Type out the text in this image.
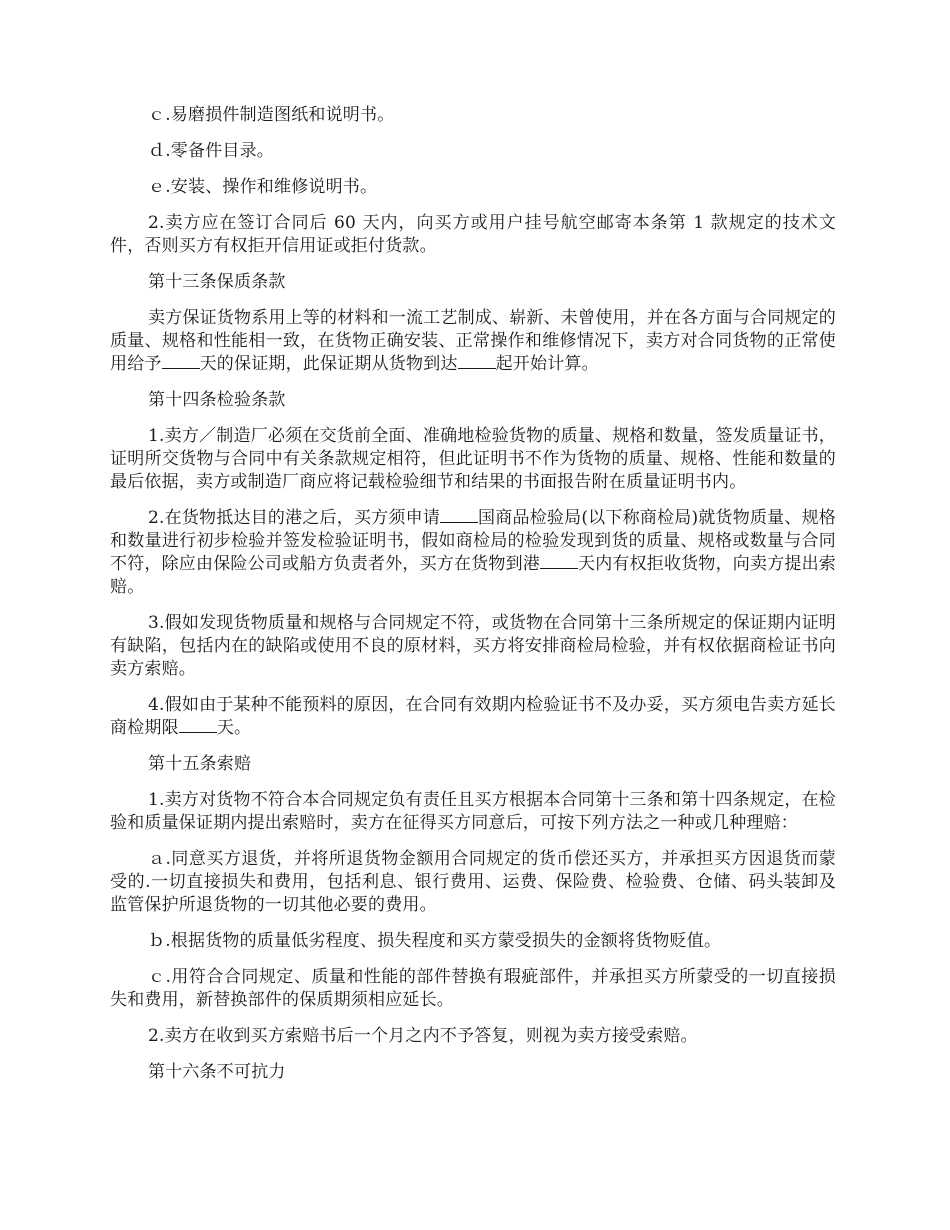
ｃ.易磨损件制造图纸和说明书。

ｄ.零备件目录。

ｅ.安装、操作和维修说明书。

2.卖方应在签订合同后 60 天内，向买方或用户挂号航空邮寄本条第 1 款规定的技术文件，否则买方有权拒开信用证或拒付货款。

第十三条保质条款

卖方保证货物系用上等的材料和一流工艺制成、崭新、未曾使用，并在各方面与合同规定的质量、规格和性能相一致，在货物正确安装、正常操作和维修情况下，卖方对合同货物的正常使用给予 天的保证期，此保证期从货物到达 起开始计算。

第十四条检验条款

1.卖方／制造厂必须在交货前全面、准确地检验货物的质量、规格和数量，签发质量证书，证明所交货物与合同中有关条款规定相符，但此证明书不作为货物的质量、规格、性能和数量的最后依据，卖方或制造厂商应将记载检验细节和结果的书面报告附在质量证明书内。

2.在货物抵达目的港之后，买方须申请 国商品检验局(以下称商检局)就货物质量、规格和数量进行初步检验并签发检验证明书，假如商检局的检验发现到货的质量、规格或数量与合同不符，除应由保险公司或船方负责者外，买方在货物到港 天内有权拒收货物，向卖方提出索赔。

3.假如发现货物质量和规格与合同规定不符，或货物在合同第十三条所规定的保证期内证明有缺陷，包括内在的缺陷或使用不良的原材料，买方将安排商检局检验，并有权依据商检证书向卖方索赔。

4.假如由于某种不能预料的原因，在合同有效期内检验证书不及办妥，买方须电告卖方延长商检期限 天。

第十五条索赔

1.卖方对货物不符合本合同规定负有责任且买方根据本合同第十三条和第十四条规定，在检验和质量保证期内提出索赔时，卖方在征得买方同意后，可按下列方法之一种或几种理赔：

ａ.同意买方退货，并将所退货物金额用合同规定的货币偿还买方，并承担买方因退货而蒙受的.一切直接损失和费用，包括利息、银行费用、运费、保险费、检验费、仓储、码头装卸及监管保护所退货物的一切其他必要的费用。

ｂ.根据货物的质量低劣程度、损失程度和买方蒙受损失的金额将货物贬值。

ｃ.用符合合同规定、质量和性能的部件替换有瑕疵部件，并承担买方所蒙受的一切直接损失和费用，新替换部件的保质期须相应延长。

2.卖方在收到买方索赔书后一个月之内不予答复，则视为卖方接受索赔。

第十六条不可抗力
